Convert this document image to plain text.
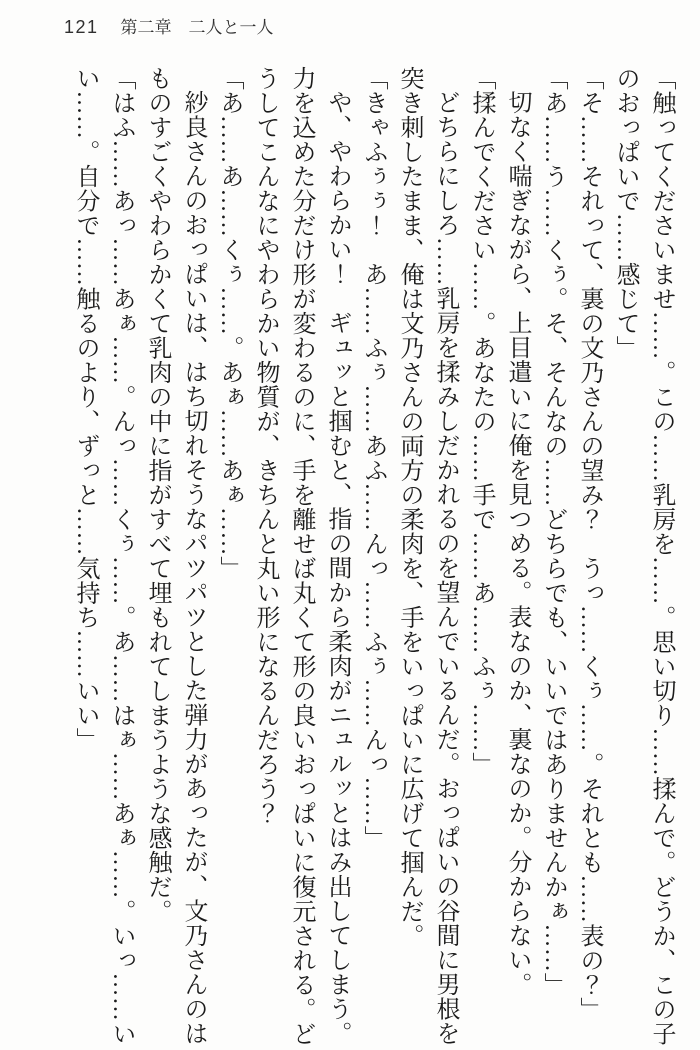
121 第二章　二人と一人

「触ってくださいませ……。この……乳房を……。思い切り……揉んで。どうか、この子

のおっぱいで……感じて」

「そ……それって、裏の文乃さんの望み？　うっ……くぅ……。それとも……表の？」

「あ……う……くぅ。そ、そんなの……どちらでも、いいではありませんかぁ……」

切なく喘ぎながら、上目遣いに俺を見つめる。表なのか、裏なのか。分からない。

「揉んでください……。あなたの……手で……あ……ふぅ……」

どちらにしろ……乳房を揉みしだかれるのを望んでいるんだ。おっぱいの谷間に男根を

突き刺したまま、俺は文乃さんの両方の柔肉を、手をいっぱいに広げて掴んだ。

「きゃふぅぅ！　あ……ふぅ……あふ……んっ……ふぅ……んっ……」

や、やわらかい！　ギュッと掴むと、指の間から柔肉がニュルッとはみ出してしまう。

力を込めた分だけ形が変わるのに、手を離せば丸くて形の良いおっぱいに復元される。ど

うしてこんなにやわらかい物質が、きちんと丸い形になるんだろう？

「あ……あ……くぅ……。あぁ……あぁ……」

紗良さんのおっぱいは、はち切れそうなパツパツとした弾力があったが、文乃さんのは

ものすごくやわらかくて乳肉の中に指がすべて埋もれてしまうような感触だ。

「はふ……あっ……あぁ……。んっ……くぅ……。あ……はぁ……あぁ……。いっ……い

い……。自分で……触るのより、ずっと……気持ち……いい」
